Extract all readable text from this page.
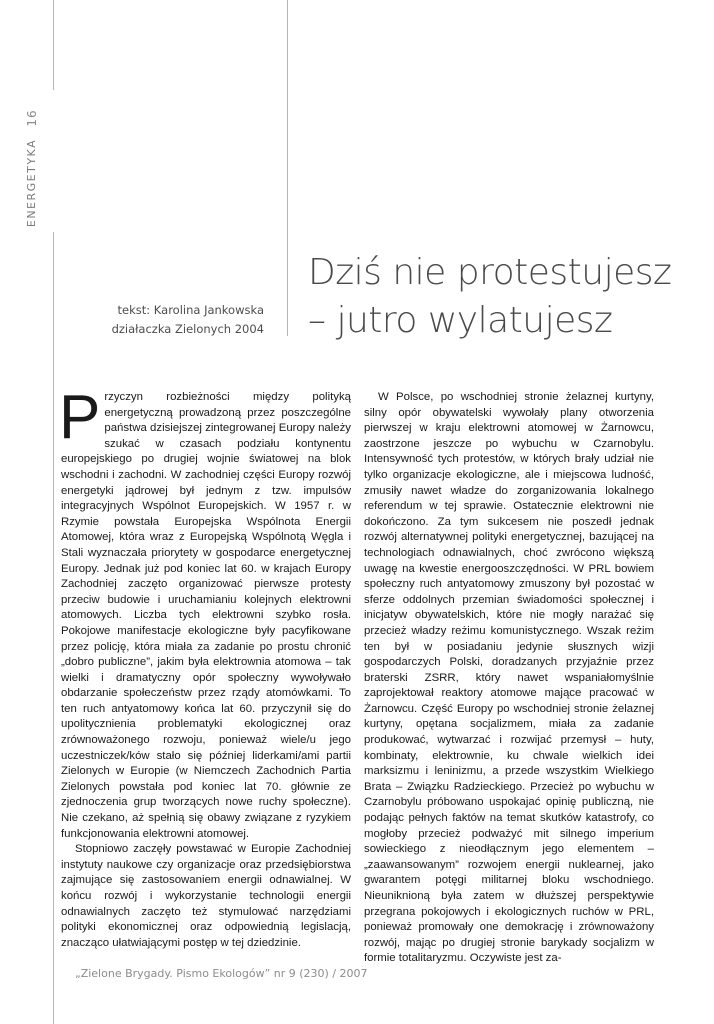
16
ENERGETYKA
tekst: Karolina Jankowska
działaczka Zielonych 2004
Dziś nie protestujesz
– jutro wylatujesz

Przyczyn rozbieżności między polityką energetyczną prowadzoną przez poszczególne państwa dzisiejszej zintegrowanej Europy należy szukać w czasach podziału kontynentu europejskiego po drugiej wojnie światowej na blok wschodni i zachodni. W zachodniej części Europy rozwój energetyki jądrowej był jednym z tzw. impulsów integracyjnych Wspólnot Europejskich. W 1957 r. w Rzymie powstała Europejska Wspólnota Energii Atomowej, która wraz z Europejską Wspólnotą Węgla i Stali wyznaczała priorytety w gospodarce energetycznej Europy. Jednak już pod koniec lat 60. w krajach Europy Zachodniej zaczęto organizować pierwsze protesty przeciw budowie i uruchamianiu kolejnych elektrowni atomowych. Liczba tych elektrowni szybko rosła. Pokojowe manifestacje ekologiczne były pacyfikowane przez policję, która miała za zadanie po prostu chronić „dobro publiczne”, jakim była elektrownia atomowa – tak wielki i dramatyczny opór społeczny wywoływało obdarzanie społeczeństw przez rządy atomówkami. To ten ruch antyatomowy końca lat 60. przyczynił się do upolitycznienia problematyki ekologicznej oraz zrównoważonego rozwoju, ponieważ wiele/u jego uczestniczek/ków stało się później liderkami/ami partii Zielonych w Europie (w Niemczech Zachodnich Partia Zielonych powstała pod koniec lat 70. głównie ze zjednoczenia grup tworzących nowe ruchy społeczne). Nie czekano, aż spełnią się obawy związane z ryzykiem funkcjonowania elektrowni atomowej.

Stopniowo zaczęły powstawać w Europie Zachodniej instytuty naukowe czy organizacje oraz przedsiębiorstwa zajmujące się zastosowaniem energii odnawialnej. W końcu rozwój i wykorzystanie technologii energii odnawialnych zaczęto też stymulować narzędziami polityki ekonomicznej oraz odpowiednią legislacją, znacząco ułatwiającymi postęp w tej dziedzinie.

W Polsce, po wschodniej stronie żelaznej kurtyny, silny opór obywatelski wywołały plany otworzenia pierwszej w kraju elektrowni atomowej w Żarnowcu, zaostrzone jeszcze po wybuchu w Czarnobylu. Intensywność tych protestów, w których brały udział nie tylko organizacje ekologiczne, ale i miejscowa ludność, zmusiły nawet władze do zorganizowania lokalnego referendum w tej sprawie. Ostatecznie elektrowni nie dokończono. Za tym sukcesem nie poszedł jednak rozwój alternatywnej polityki energetycznej, bazującej na technologiach odnawialnych, choć zwrócono większą uwagę na kwestie energooszczędności. W PRL bowiem społeczny ruch antyatomowy zmuszony był pozostać w sferze oddolnych przemian świadomości społecznej i inicjatyw obywatelskich, które nie mogły narażać się przecież władzy reżimu komunistycznego. Wszak reżim ten był w posiadaniu jedynie słusznych wizji gospodarczych Polski, doradzanych przyjaźnie przez braterski ZSRR, który nawet wspaniałomyślnie zaprojektował reaktory atomowe mające pracować w Żarnowcu. Część Europy po wschodniej stronie żelaznej kurtyny, opętana socjalizmem, miała za zadanie produkować, wytwarzać i rozwijać przemysł – huty, kombinaty, elektrownie, ku chwale wielkich idei marksizmu i leninizmu, a przede wszystkim Wielkiego Brata – Związku Radzieckiego. Przecież po wybuchu w Czarnobylu próbowano uspokajać opinię publiczną, nie podając pełnych faktów na temat skutków katastrofy, co mogłoby przecież podważyć mit silnego imperium sowieckiego z nieodłącznym jego elementem – „zaawansowanym” rozwojem energii nuklearnej, jako gwarantem potęgi militarnej bloku wschodniego. Nieuniknioną była zatem w dłuższej perspektywie przegrana pokojowych i ekologicznych ruchów w PRL, ponieważ promowały one demokrację i zrównoważony rozwój, mając po drugiej stronie barykady socjalizm w formie totalitaryzmu. Oczywiste jest za-

„Zielone Brygady. Pismo Ekologów” nr 9 (230) / 2007
